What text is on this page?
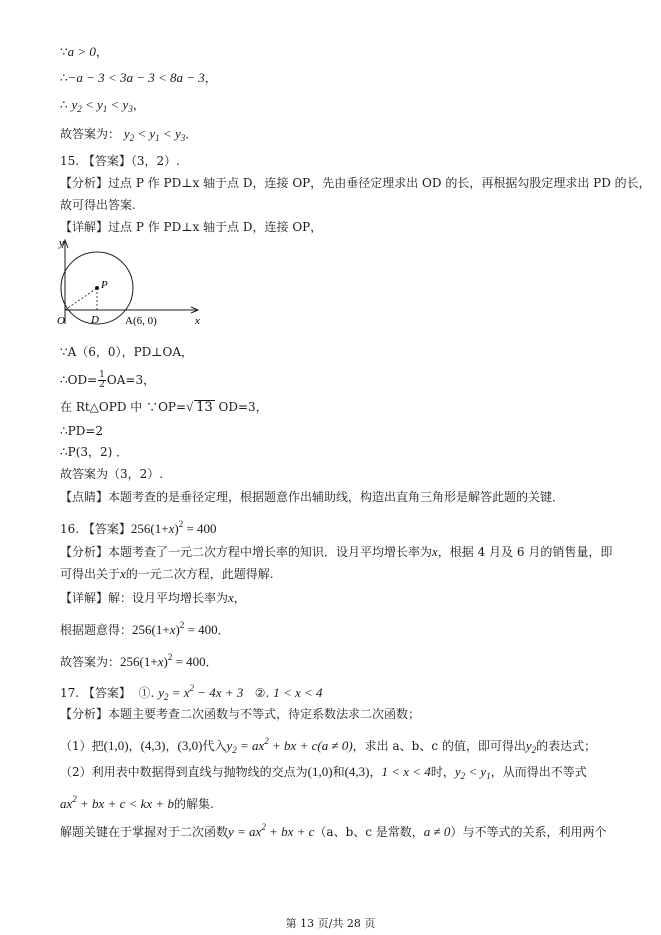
∵a > 0，
∴−a − 3 < 3a − 3 < 8a − 3，
∴ $y_2 < y_1 < y_3$，
故答案为： $y_2 < y_1 < y_3$．
15. 【答案】（3，2）.
【分析】过点 P 作 PD⊥x 轴于点 D，连接 OP，先由垂径定理求出 OD 的长，再根据勾股定理求出 PD 的长，
故可得出答案.
【详解】过点 P 作 PD⊥x 轴于点 D，连接 OP，
y
x
O
P
D A(6, 0)
∵A（6，0），PD⊥OA，
∴OD= $\frac{1}{2} OA=3$，
在 Rt△OPD 中 ∵OP=√ 13 OD=3，
∴PD=2
∴P(3，2) ．
故答案为（3，2）.
【点睛】本题考查的是垂径定理，根据题意作出辅助线，构造出直角三角形是解答此题的关键．
16. 【答案】$256(1+x)^2 = 400$
【分析】本题考查了一元二次方程中增长率的知识．设月平均增长率为x，根据 4 月及 6 月的销售量，即
可得出关于x的一元二次方程，此题得解.
【详解】解：设月平均增长率为x，
根据题意得：$256(1+x)^2 = 400$．
故答案为：$256(1+x)^2 = 400$．
17. 【答案】 ①. $y_2 = x^2 - 4x + 3$ ②. 1 < x < 4
【分析】本题主要考查二次函数与不等式，待定系数法求二次函数；
（1）把(1,0)，(4,3)，(3,0)代入$y_2 = ax^2$ + bx + c(a ≠ 0)，求出 a、b、c 的值，即可得出$y_2$的表达式；
（2）利用表中数据得到直线与抛物线的交点为(1,0)和(4,3)，1 < x < 4时，$y_2 < y_1$，从而得出不等式
$ax^2$ + bx + c < kx + b的解集.
解题关键在于掌握对于二次函数$y = ax^2$ + bx + c（a、b、c 是常数，a ≠ 0）与不等式的关系，利用两个
第 13 页/共 28 页
